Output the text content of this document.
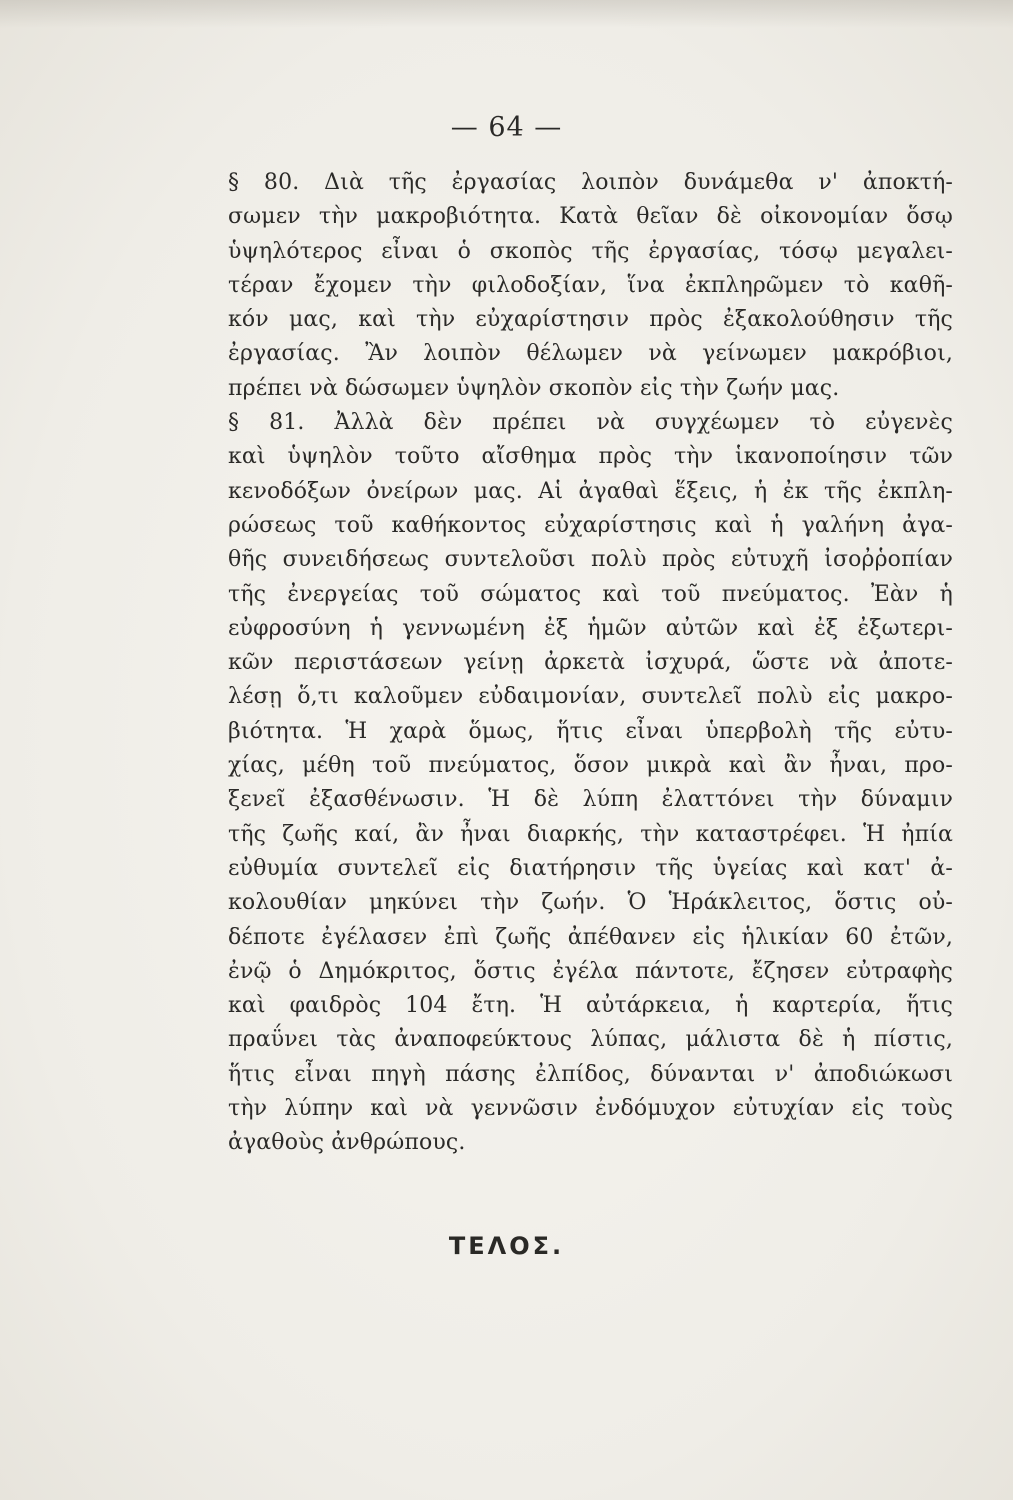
— 64 —
§ 80. Διὰ τῆς ἐργασίας λοιπὸν δυνάμεθα ν' ἀποκτή-
σωμεν τὴν μακροβιότητα. Κατὰ θεῖαν δὲ οἰκονομίαν ὅσῳ
ὑψηλότερος εἶναι ὁ σκοπὸς τῆς ἐργασίας, τόσῳ μεγαλει-
τέραν ἔχομεν τὴν φιλοδοξίαν, ἵνα ἐκπληρῶμεν τὸ καθῆ-
κόν μας, καὶ τὴν εὐχαρίστησιν πρὸς ἐξακολούθησιν τῆς
ἐργασίας. Ἂν λοιπὸν θέλωμεν νὰ γείνωμεν μακρόβιοι,
πρέπει νὰ δώσωμεν ὑψηλὸν σκοπὸν εἰς τὴν ζωήν μας.
§ 81. Ἀλλὰ δὲν πρέπει νὰ συγχέωμεν τὸ εὐγενὲς
καὶ ὑψηλὸν τοῦτο αἴσθημα πρὸς τὴν ἱκανοποίησιν τῶν
κενοδόξων ὀνείρων μας. Αἱ ἀγαθαὶ ἕξεις, ἡ ἐκ τῆς ἐκπλη-
ρώσεως τοῦ καθήκοντος εὐχαρίστησις καὶ ἡ γαλήνη ἀγα-
θῆς συνειδήσεως συντελοῦσι πολὺ πρὸς εὐτυχῆ ἰσοῤῥοπίαν
τῆς ἐνεργείας τοῦ σώματος καὶ τοῦ πνεύματος. Ἐὰν ἡ
εὐφροσύνη ἡ γεννωμένη ἐξ ἡμῶν αὐτῶν καὶ ἐξ ἐξωτερι-
κῶν περιστάσεων γείνῃ ἀρκετὰ ἰσχυρά, ὥστε νὰ ἀποτε-
λέσῃ ὅ,τι καλοῦμεν εὐδαιμονίαν, συντελεῖ πολὺ εἰς μακρο-
βιότητα. Ἡ χαρὰ ὅμως, ἥτις εἶναι ὑπερβολὴ τῆς εὐτυ-
χίας, μέθη τοῦ πνεύματος, ὅσον μικρὰ καὶ ἂν ἦναι, προ-
ξενεῖ ἐξασθένωσιν. Ἡ δὲ λύπη ἐλαττόνει τὴν δύναμιν
τῆς ζωῆς καί, ἂν ἦναι διαρκής, τὴν καταστρέφει. Ἡ ἠπία
εὐθυμία συντελεῖ εἰς διατήρησιν τῆς ὑγείας καὶ κατ' ἀ-
κολουθίαν μηκύνει τὴν ζωήν. Ὁ Ἡράκλειτος, ὅστις οὐ-
δέποτε ἐγέλασεν ἐπὶ ζωῆς ἀπέθανεν εἰς ἡλικίαν 60 ἐτῶν,
ἐνῷ ὁ Δημόκριτος, ὅστις ἐγέλα πάντοτε, ἔζησεν εὐτραφὴς
καὶ φαιδρὸς 104 ἔτη. Ἡ αὐτάρκεια, ἡ καρτερία, ἥτις
πραΰνει τὰς ἀναποφεύκτους λύπας, μάλιστα δὲ ἡ πίστις,
ἥτις εἶναι πηγὴ πάσης ἐλπίδος, δύνανται ν' ἀποδιώκωσι
τὴν λύπην καὶ νὰ γεννῶσιν ἐνδόμυχον εὐτυχίαν εἰς τοὺς
ἀγαθοὺς ἀνθρώπους.
ΤΕΛΟΣ.
